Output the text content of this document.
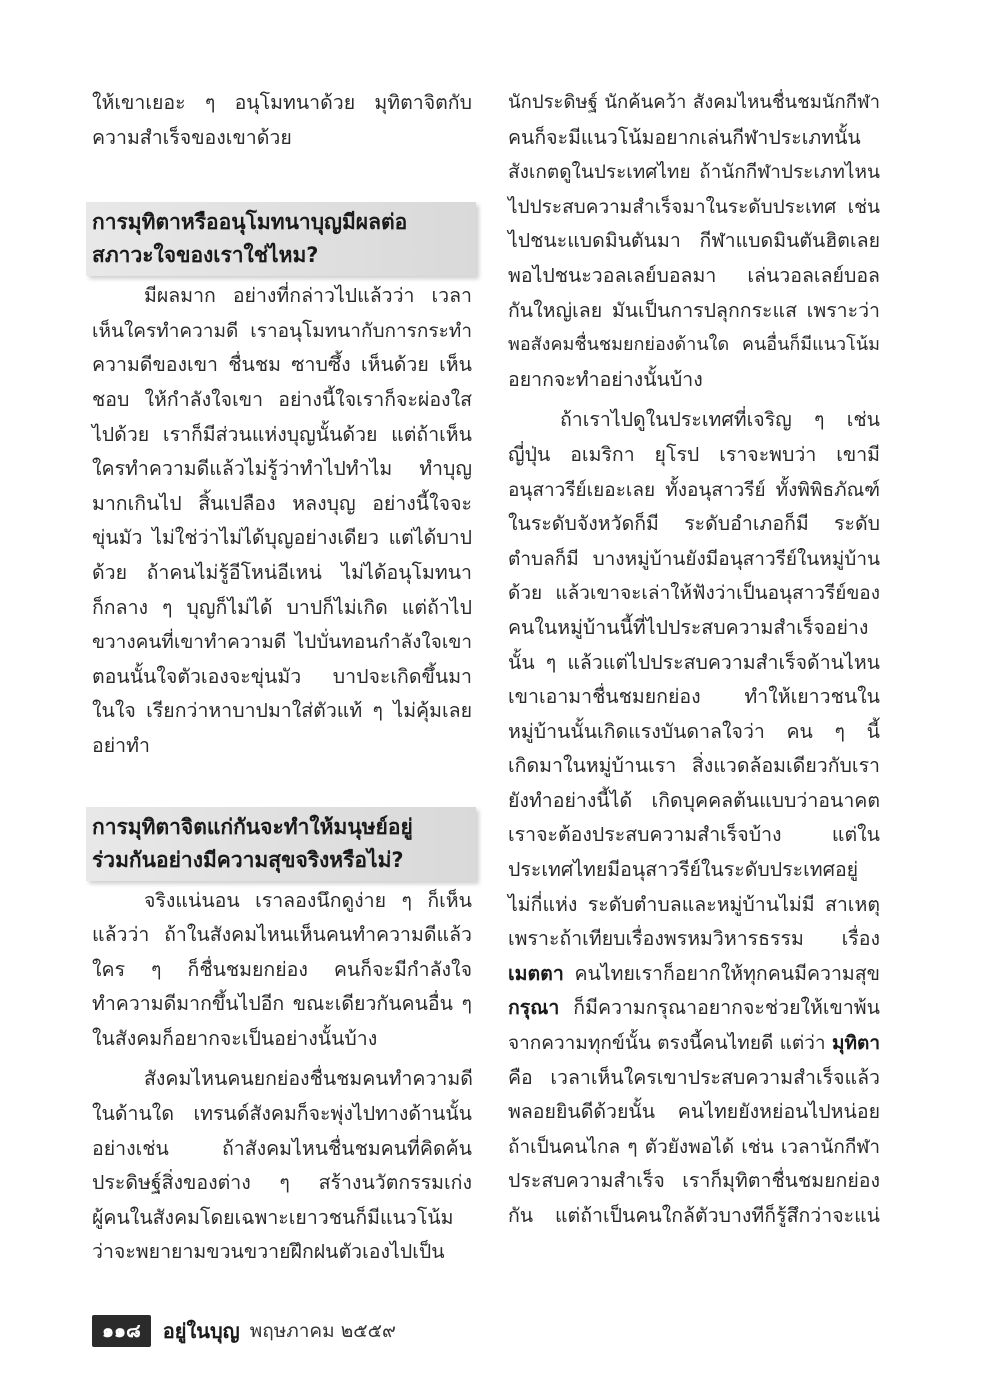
ให้เขาเยอะ ๆ อนุโมทนาด้วย มุทิตาจิตกับ
ความสำเร็จของเขาด้วย
การมุทิตาหรืออนุโมทนาบุญมีผลต่อ
สภาวะใจของเราใช่ไหม?
มีผลมาก อย่างที่กล่าวไปแล้วว่า เวลา
เห็นใครทำความดี เราอนุโมทนากับการกระทำ
ความดีของเขา ชื่นชม ซาบซึ้ง เห็นด้วย เห็น
ชอบ ให้กำลังใจเขา อย่างนี้ใจเราก็จะผ่องใส
ไปด้วย เราก็มีส่วนแห่งบุญนั้นด้วย แต่ถ้าเห็น
ใครทำความดีแล้วไม่รู้ว่าทำไปทำไม ทำบุญ
มากเกินไป สิ้นเปลือง หลงบุญ อย่างนี้ใจจะ
ขุ่นมัว ไม่ใช่ว่าไม่ได้บุญอย่างเดียว แต่ได้บาป
ด้วย ถ้าคนไม่รู้อีโหน่อีเหน่ ไม่ได้อนุโมทนา
ก็กลาง ๆ บุญก็ไม่ได้ บาปก็ไม่เกิด แต่ถ้าไป
ขวางคนที่เขาทำความดี ไปบั่นทอนกำลังใจเขา
ตอนนั้นใจตัวเองจะขุ่นมัว บาปจะเกิดขึ้นมา
ในใจ เรียกว่าหาบาปมาใส่ตัวแท้ ๆ ไม่คุ้มเลย
อย่าทำ
การมุทิตาจิตแก่กันจะทำให้มนุษย์อยู่
ร่วมกันอย่างมีความสุขจริงหรือไม่?
จริงแน่นอน เราลองนึกดูง่าย ๆ ก็เห็น
แล้วว่า ถ้าในสังคมไหนเห็นคนทำความดีแล้ว
ใคร ๆ ก็ชื่นชมยกย่อง คนก็จะมีกำลังใจ
ทำความดีมากขึ้นไปอีก ขณะเดียวกันคนอื่น ๆ
ในสังคมก็อยากจะเป็นอย่างนั้นบ้าง
สังคมไหนคนยกย่องชื่นชมคนทำความดี
ในด้านใด เทรนด์สังคมก็จะพุ่งไปทางด้านนั้น
อย่างเช่น ถ้าสังคมไหนชื่นชมคนที่คิดค้น
ประดิษฐ์สิ่งของต่าง ๆ สร้างนวัตกรรมเก่ง
ผู้คนในสังคมโดยเฉพาะเยาวชนก็มีแนวโน้ม
ว่าจะพยายามขวนขวายฝึกฝนตัวเองไปเป็น
นักประดิษฐ์ นักค้นคว้า สังคมไหนชื่นชมนักกีฬา
คนก็จะมีแนวโน้มอยากเล่นกีฬาประเภทนั้น
สังเกตดูในประเทศไทย ถ้านักกีฬาประเภทไหน
ไปประสบความสำเร็จมาในระดับประเทศ เช่น
ไปชนะแบดมินตันมา กีฬาแบดมินตันฮิตเลย
พอไปชนะวอลเลย์บอลมา เล่นวอลเลย์บอล
กันใหญ่เลย มันเป็นการปลุกกระแส เพราะว่า
พอสังคมชื่นชมยกย่องด้านใด คนอื่นก็มีแนวโน้ม
อยากจะทำอย่างนั้นบ้าง
ถ้าเราไปดูในประเทศที่เจริญ ๆ เช่น
ญี่ปุ่น อเมริกา ยุโรป เราจะพบว่า เขามี
อนุสาวรีย์เยอะเลย ทั้งอนุสาวรีย์ ทั้งพิพิธภัณฑ์
ในระดับจังหวัดก็มี ระดับอำเภอก็มี ระดับ
ตำบลก็มี บางหมู่บ้านยังมีอนุสาวรีย์ในหมู่บ้าน
ด้วย แล้วเขาจะเล่าให้ฟังว่าเป็นอนุสาวรีย์ของ
คนในหมู่บ้านนี้ที่ไปประสบความสำเร็จอย่าง
นั้น ๆ แล้วแต่ไปประสบความสำเร็จด้านไหน
เขาเอามาชื่นชมยกย่อง ทำให้เยาวชนใน
หมู่บ้านนั้นเกิดแรงบันดาลใจว่า คน ๆ นี้
เกิดมาในหมู่บ้านเรา สิ่งแวดล้อมเดียวกับเรา
ยังทำอย่างนี้ได้ เกิดบุคคลต้นแบบว่าอนาคต
เราจะต้องประสบความสำเร็จบ้าง แต่ใน
ประเทศไทยมีอนุสาวรีย์ในระดับประเทศอยู่
ไม่กี่แห่ง ระดับตำบลและหมู่บ้านไม่มี สาเหตุ
เพราะถ้าเทียบเรื่องพรหมวิหารธรรม เรื่อง
เมตตา คนไทยเราก็อยากให้ทุกคนมีความสุข
กรุณา ก็มีความกรุณาอยากจะช่วยให้เขาพ้น
จากความทุกข์นั้น ตรงนี้คนไทยดี แต่ว่า มุทิตา
คือ เวลาเห็นใครเขาประสบความสำเร็จแล้ว
พลอยยินดีด้วยนั้น คนไทยยังหย่อนไปหน่อย
ถ้าเป็นคนไกล ๆ ตัวยังพอได้ เช่น เวลานักกีฬา
ประสบความสำเร็จ เราก็มุทิตาชื่นชมยกย่อง
กัน แต่ถ้าเป็นคนใกล้ตัวบางทีก็รู้สึกว่าจะแน่
๑๑๘	อยู่ในบุญ พฤษภาคม ๒๕๕๙
